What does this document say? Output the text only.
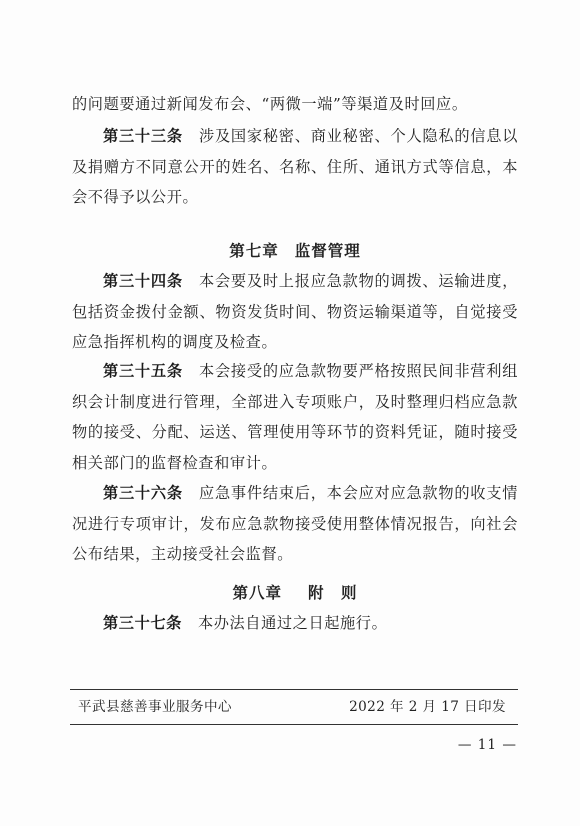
的问题要通过新闻发布会、“两微一端”等渠道及时回应。

第三十三条 涉及国家秘密、商业秘密、个人隐私的信息以及捐赠方不同意公开的姓名、名称、住所、通讯方式等信息，本会不得予以公开。

第七章 监督管理

第三十四条 本会要及时上报应急款物的调拨、运输进度，包括资金拨付金额、物资发货时间、物资运输渠道等，自觉接受应急指挥机构的调度及检查。

第三十五条 本会接受的应急款物要严格按照民间非营利组织会计制度进行管理，全部进入专项账户，及时整理归档应急款物的接受、分配、运送、管理使用等环节的资料凭证，随时接受相关部门的监督检查和审计。

第三十六条 应急事件结束后，本会应对应急款物的收支情况进行专项审计，发布应急款物接受使用整体情况报告，向社会公布结果，主动接受社会监督。

第八章 附　则

第三十七条 本办法自通过之日起施行。

平武县慈善事业服务中心	2022 年 2 月 17 日印发
— 11 —
